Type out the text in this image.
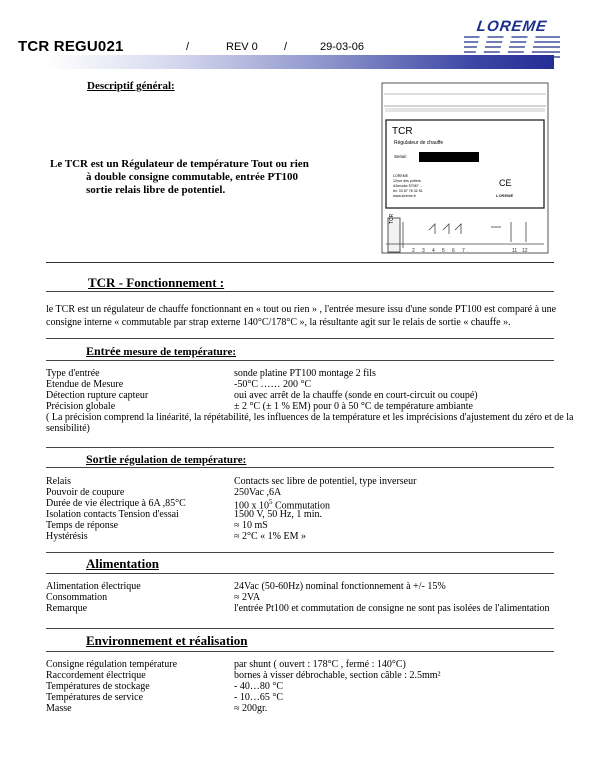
TCR REGU021	/	REV 0 /	29-03-06
LOREME
Descriptif général:
Le TCR est un Régulateur de température Tout ou rien
à double consigne commutable, entrée PT100
sortie relais libre de potentiel.
2 3 4 5 6 7	11 12
TCR
Régulateur de chauffe
Serial:
LOREME
12rue des potiers
d'Ancoke 57067 ...
tel. 03 87 76 32 51
www.loreme.fr
CE
LOREME
TCR
TCR - Fonctionnement :
le TCR est un régulateur de chauffe fonctionnant en « tout ou rien » , l'entrée mesure issu d'une sonde PT100 est comparé à une
consigne interne « commutable par strap externe 140°C/178°C », la résultante agit sur le relais de sortie « chauffe ».
Entrée mesure de température:
Type d'entrée	sonde platine PT100 montage 2 fils
Etendue de Mesure	-50°C …… 200 °C
Détection rupture capteur	oui avec arrêt de la chauffe (sonde en court-circuit ou coupé)
Précision globale	± 2 °C (± 1 % EM) pour 0 à 50 °C de température ambiante
( La précision comprend la linéarité, la répétabilité, les influences de la température et les imprécisions d'ajustement du zéro et de la
sensibilité)
Sortie régulation de température:
Relais	Contacts sec libre de potentiel, type inverseur
Pouvoir de coupure	250Vac ,6A
Durée de vie électrique à 6A ,85°C	100 x $10^5$ Commutation
Isolation contacts Tension d'essai	1500 V, 50 Hz, 1 min.
Temps de réponse	≈ 10 mS
Hystérésis	≈ 2°C « 1% EM »
Alimentation
Alimentation électrique	24Vac (50-60Hz) nominal fonctionnement à +/- 15%
Consommation	≈ 2VA
Remarque	l'entrée Pt100 et commutation de consigne ne sont pas isolées de l'alimentation
Environnement et réalisation
Consigne régulation température	par shunt ( ouvert : 178°C , fermé : 140°C)
Raccordement électrique	bornes à visser débrochable, section câble : 2.5mm²
Températures de stockage	- 40…80 °C
Températures de service	- 10…65 °C
Masse	≈ 200gr.
